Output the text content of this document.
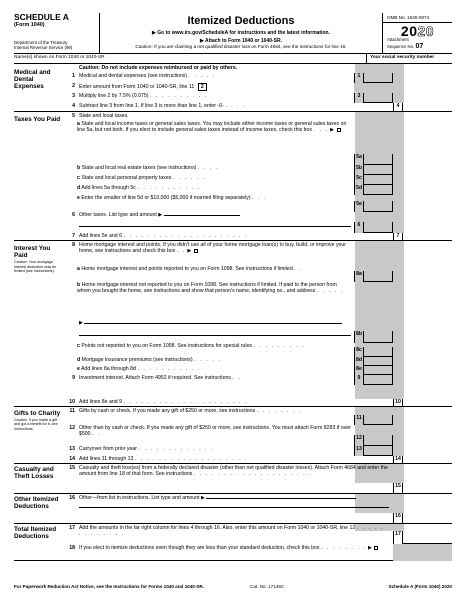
SCHEDULE A
(Form 1040)
Department of the Treasury
Internal Revenue Service (99)
Itemized Deductions
▶ Go to www.irs.gov/ScheduleA for instructions and the latest information.
▶ Attach to Form 1040 or 1040-SR.
Caution: If you are claiming a net qualified disaster loss on Form 4684, see the instructions for line 16.
OMB No. 1545-0074
2020
Attachment
Sequence No. 07
Name(s) shown on Form 1040 or 1040-SR	Your social security number
Medical and Dental Expenses
Caution: Do not include expenses reimbursed or paid by others.
1 Medical and dental expenses (see instructions) . . . . .	1
2 Enter amount from Form 1040 or 1040-SR, line 11 2
3 Multiply line 2 by 7.5% (0.075) . . . . . . . . . .	3
4 Subtract line 3 from line 1. If line 3 is more than line 1, enter -0- . . . .	4
Taxes You Paid	5 State and local taxes.
a State and local income taxes or general sales taxes. You may include either income taxes or general sales taxes on line 5a, but not both. If you elect to include general sales taxes instead of income taxes, check this box . . . ▶
5a
b State and local real estate taxes (see instructions) . . . .	5b
c State and local personal property taxes . . . . . .	5c
d Add lines 5a through 5c . . . . . . . . . . .	5d
e Enter the smaller of line 5d or $10,000 ($5,000 if married filing separately) . . .
5e
6 Other taxes. List type and amount ▶
6
7 Add lines 5e and 6 . . . . . . . . . . . . . . . . . . . . .	7
Interest You Paid
Caution: Your mortgage interest deduction may be limited (see instructions).
8 Home mortgage interest and points. If you didn't use all of your home mortgage loan(s) to buy, build, or improve your home, see instructions and check this box . . ▶
a Home mortgage interest and points reported to you on Form 1098. See instructions if limited . .
8a
b Home mortgage interest not reported to you on Form 1098. See instructions if limited. If paid to the person from whom you bought the home, see instructions and show that person's name, identifying no., and address . . . . .
▶
8b
c Points not reported to you on Form 1098. See instructions for special rules . . . . . . . . .
8c
d Mortgage insurance premiums (see instructions) . . . . .	8d
e Add lines 8a through 8d . . . . . . . . . . .	8e
9 Investment interest. Attach Form 4952 if required. See instructions . .	9
10 Add lines 8e and 9 . . . . . . . . . . . . . . . . . . . . .	10
Gifts to Charity
Caution: If you made a gift and got a benefit for it, see instructions.
11 Gifts by cash or check. If you made any gift of $250 or more, see instructions . . . . . . . .
11
12 Other than by cash or check. If you made any gift of $250 or more, see instructions. You must attach Form 8283 if over $500 . .
12
13 Carryover from prior year . . . . . . . . . . . . .	13
14 Add lines 11 through 13 . . . . . . . . . . . . . . . . . . .	14
Casualty and Theft Losses
15 Casualty and theft loss(es) from a federally declared disaster (other than net qualified disaster losses). Attach Form 4684 and enter the amount from line 18 of that form. See instructions . . . . . . . . . . . . . . . . . . . .
15
Other Itemized Deductions
16 Other—from list in instructions. List type and amount ▶
16
Total Itemized Deductions
17 Add the amounts in the far right column for lines 4 through 16. Also, enter this amount on Form 1040 or 1040-SR, line 12 . . . . . . . . . . . . .	17
18 If you elect to itemize deductions even though they are less than your standard deduction, check this box . . . . . . . . ▶
For Paperwork Reduction Act Notice, see the Instructions for Forms 1040 and 1040-SR.	Cat. No. 17145C	Schedule A (Form 1040) 2020
